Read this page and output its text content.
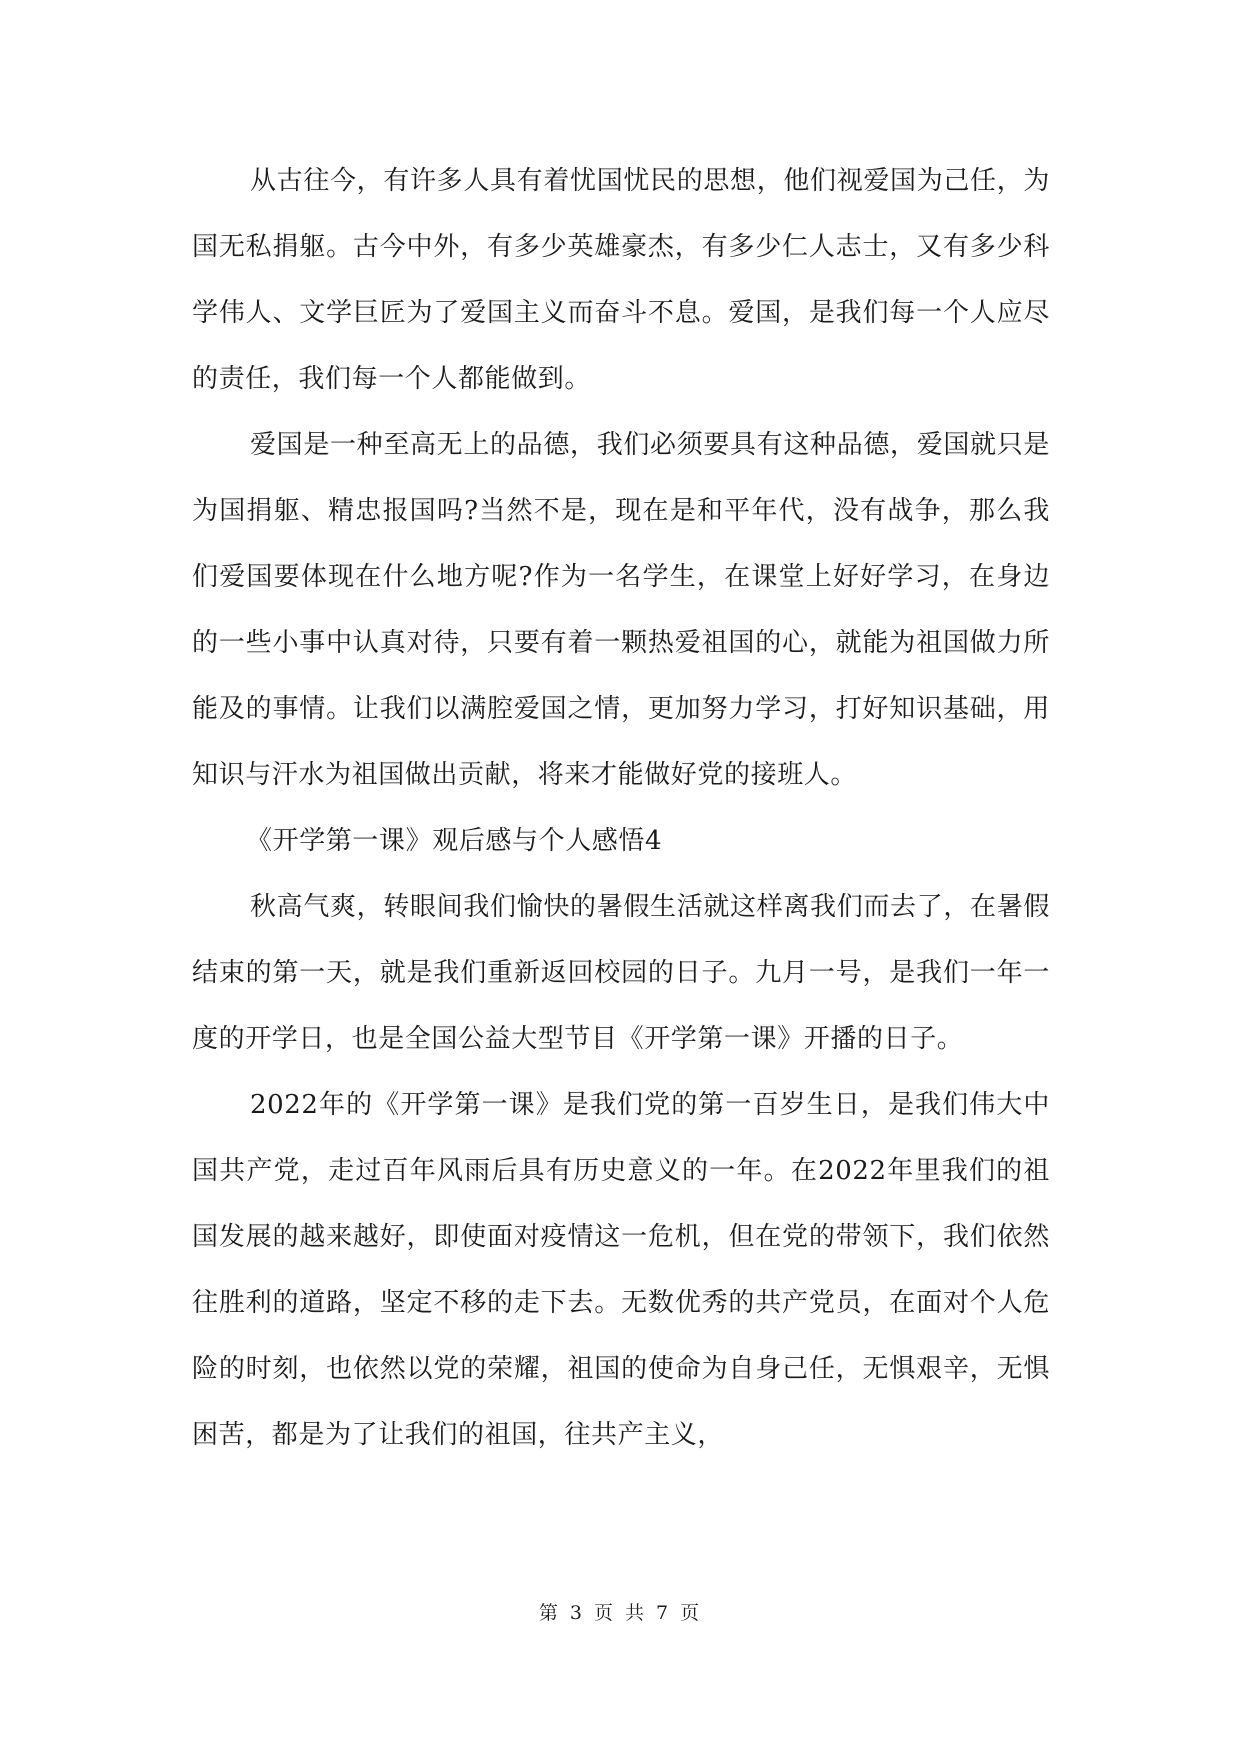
从古往今，有许多人具有着忧国忧民的思想，他们视爱国为己任，为国无私捐躯。古今中外，有多少英雄豪杰，有多少仁人志士，又有多少科学伟人、文学巨匠为了爱国主义而奋斗不息。爱国，是我们每一个人应尽的责任，我们每一个人都能做到。

爱国是一种至高无上的品德，我们必须要具有这种品德，爱国就只是为国捐躯、精忠报国吗?当然不是，现在是和平年代，没有战争，那么我们爱国要体现在什么地方呢?作为一名学生，在课堂上好好学习，在身边的一些小事中认真对待，只要有着一颗热爱祖国的心，就能为祖国做力所能及的事情。让我们以满腔爱国之情，更加努力学习，打好知识基础，用知识与汗水为祖国做出贡献，将来才能做好党的接班人。

《开学第一课》观后感与个人感悟4

秋高气爽，转眼间我们愉快的暑假生活就这样离我们而去了，在暑假结束的第一天，就是我们重新返回校园的日子。九月一号，是我们一年一度的开学日，也是全国公益大型节目《开学第一课》开播的日子。

2022年的《开学第一课》是我们党的第一百岁生日，是我们伟大中国共产党，走过百年风雨后具有历史意义的一年。在2022年里我们的祖国发展的越来越好，即使面对疫情这一危机，但在党的带领下，我们依然往胜利的道路，坚定不移的走下去。无数优秀的共产党员，在面对个人危险的时刻，也依然以党的荣耀，祖国的使命为自身己任，无惧艰辛，无惧困苦，都是为了让我们的祖国，往共产主义，

第 3 页 共 7 页
